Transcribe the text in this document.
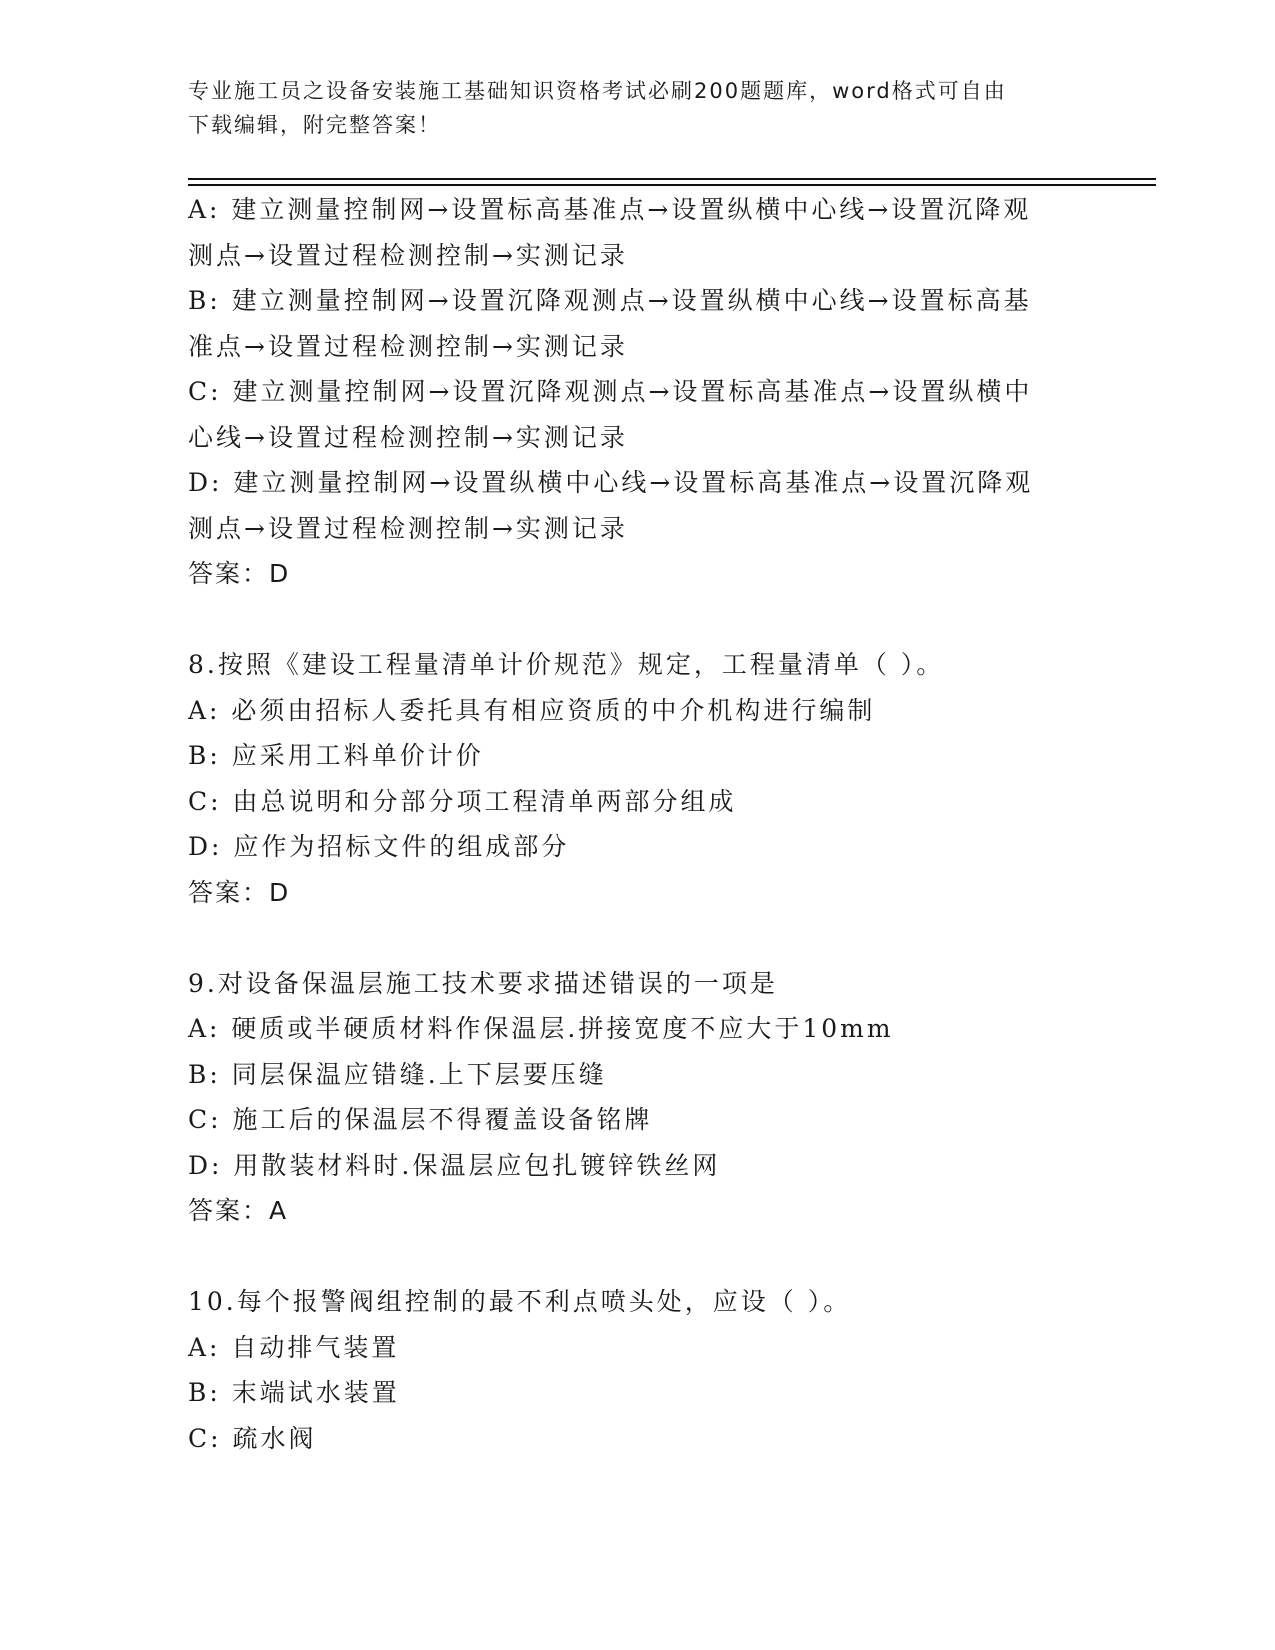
专业施工员之设备安装施工基础知识资格考试必刷200题题库，word格式可自由
下载编辑，附完整答案！
A: 建立测量控制网→设置标高基准点→设置纵横中心线→设置沉降观
测点→设置过程检测控制→实测记录
B: 建立测量控制网→设置沉降观测点→设置纵横中心线→设置标高基
准点→设置过程检测控制→实测记录
C: 建立测量控制网→设置沉降观测点→设置标高基准点→设置纵横中
心线→设置过程检测控制→实测记录
D: 建立测量控制网→设置纵横中心线→设置标高基准点→设置沉降观
测点→设置过程检测控制→实测记录
答案：D
8.按照《建设工程量清单计价规范》规定，工程量清单（ ）。
A: 必须由招标人委托具有相应资质的中介机构进行编制
B: 应采用工料单价计价
C: 由总说明和分部分项工程清单两部分组成
D: 应作为招标文件的组成部分
答案：D
9.对设备保温层施工技术要求描述错误的一项是
A: 硬质或半硬质材料作保温层.拼接宽度不应大于10mm
B: 同层保温应错缝.上下层要压缝
C: 施工后的保温层不得覆盖设备铭牌
D: 用散装材料时.保温层应包扎镀锌铁丝网
答案：A
10.每个报警阀组控制的最不利点喷头处，应设（ ）。
A: 自动排气装置
B: 末端试水装置
C: 疏水阀
